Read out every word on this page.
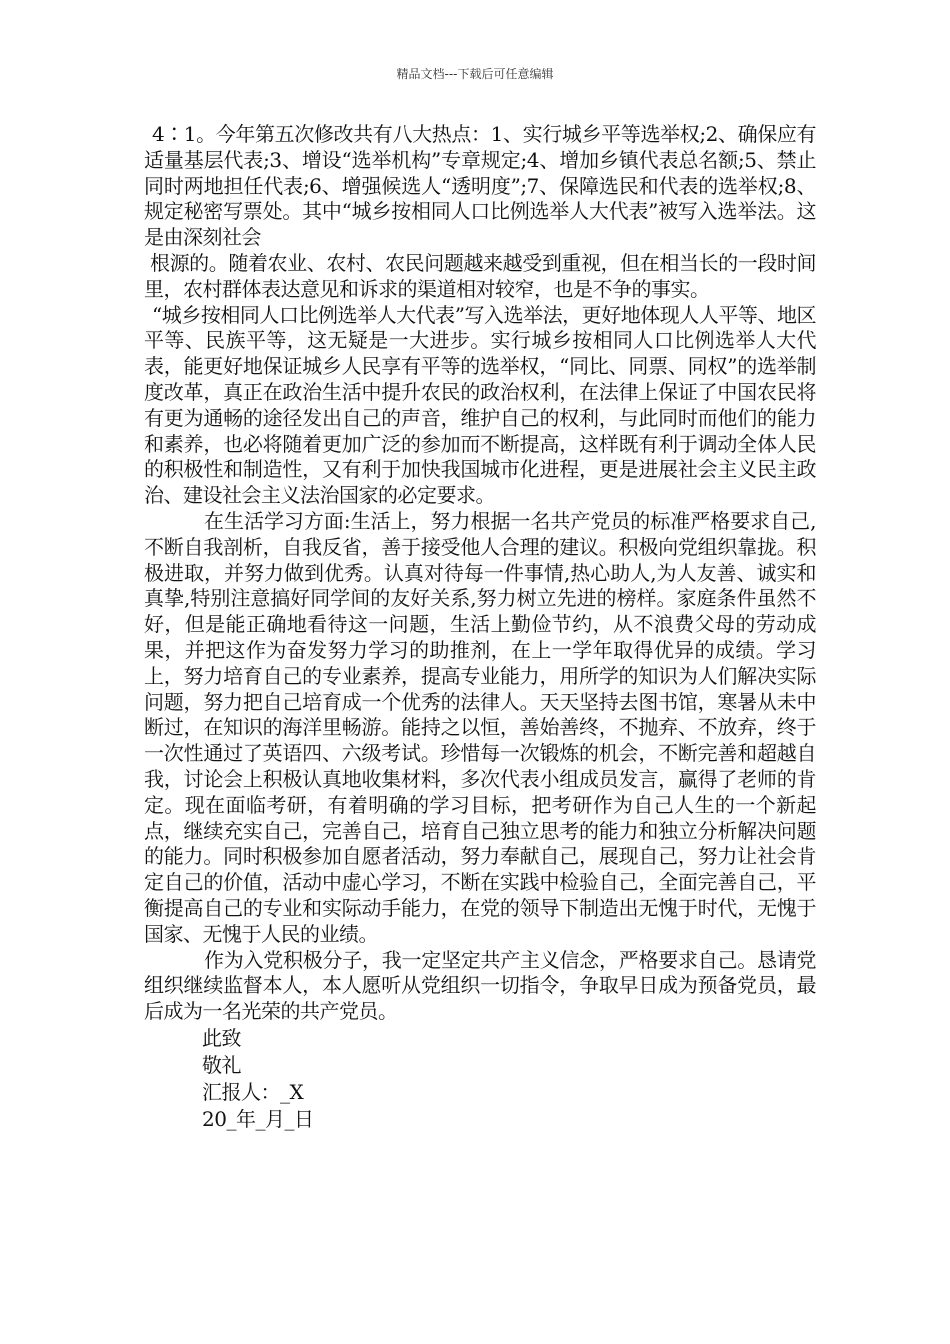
精品文档---下载后可任意编辑

4∶1。今年第五次修改共有八大热点：1、实行城乡平等选举权;2、确保应有适量基层代表;3、增设“选举机构”专章规定;4、增加乡镇代表总名额;5、禁止同时两地担任代表;6、增强候选人“透明度”;7、保障选民和代表的选举权;8、规定秘密写票处。其中“城乡按相同人口比例选举人大代表”被写入选举法。这是由深刻社会

根源的。随着农业、农村、农民问题越来越受到重视，但在相当长的一段时间里，农村群体表达意见和诉求的渠道相对较窄，也是不争的事实。

“城乡按相同人口比例选举人大代表”写入选举法，更好地体现人人平等、地区平等、民族平等，这无疑是一大进步。实行城乡按相同人口比例选举人大代表，能更好地保证城乡人民享有平等的选举权，“同比、同票、同权”的选举制度改革，真正在政治生活中提升农民的政治权利，在法律上保证了中国农民将有更为通畅的途径发出自己的声音，维护自己的权利，与此同时而他们的能力和素养，也必将随着更加广泛的参加而不断提高，这样既有利于调动全体人民的积极性和制造性，又有利于加快我国城市化进程，更是进展社会主义民主政治、建设社会主义法治国家的必定要求。

在生活学习方面:生活上，努力根据一名共产党员的标准严格要求自己,不断自我剖析，自我反省，善于接受他人合理的建议。积极向党组织靠拢。积极进取，并努力做到优秀。认真对待每一件事情,热心助人,为人友善、诚实和真挚,特别注意搞好同学间的友好关系,努力树立先进的榜样。家庭条件虽然不好，但是能正确地看待这一问题，生活上勤俭节约，从不浪费父母的劳动成果，并把这作为奋发努力学习的助推剂，在上一学年取得优异的成绩。学习上，努力培育自己的专业素养，提高专业能力，用所学的知识为人们解决实际问题，努力把自己培育成一个优秀的法律人。天天坚持去图书馆，寒暑从未中断过，在知识的海洋里畅游。能持之以恒，善始善终，不抛弃、不放弃，终于一次性通过了英语四、六级考试。珍惜每一次锻炼的机会，不断完善和超越自我，讨论会上积极认真地收集材料，多次代表小组成员发言，赢得了老师的肯定。现在面临考研，有着明确的学习目标，把考研作为自己人生的一个新起点，继续充实自己，完善自己，培育自己独立思考的能力和独立分析解决问题的能力。同时积极参加自愿者活动，努力奉献自己，展现自己，努力让社会肯定自己的价值，活动中虚心学习，不断在实践中检验自己，全面完善自己，平衡提高自己的专业和实际动手能力，在党的领导下制造出无愧于时代，无愧于国家、无愧于人民的业绩。

作为入党积极分子，我一定坚定共产主义信念，严格要求自己。恳请党组织继续监督本人，本人愿听从党组织一切指令，争取早日成为预备党员，最后成为一名光荣的共产党员。

此致

敬礼

汇报人：_X

20_年_月_日
